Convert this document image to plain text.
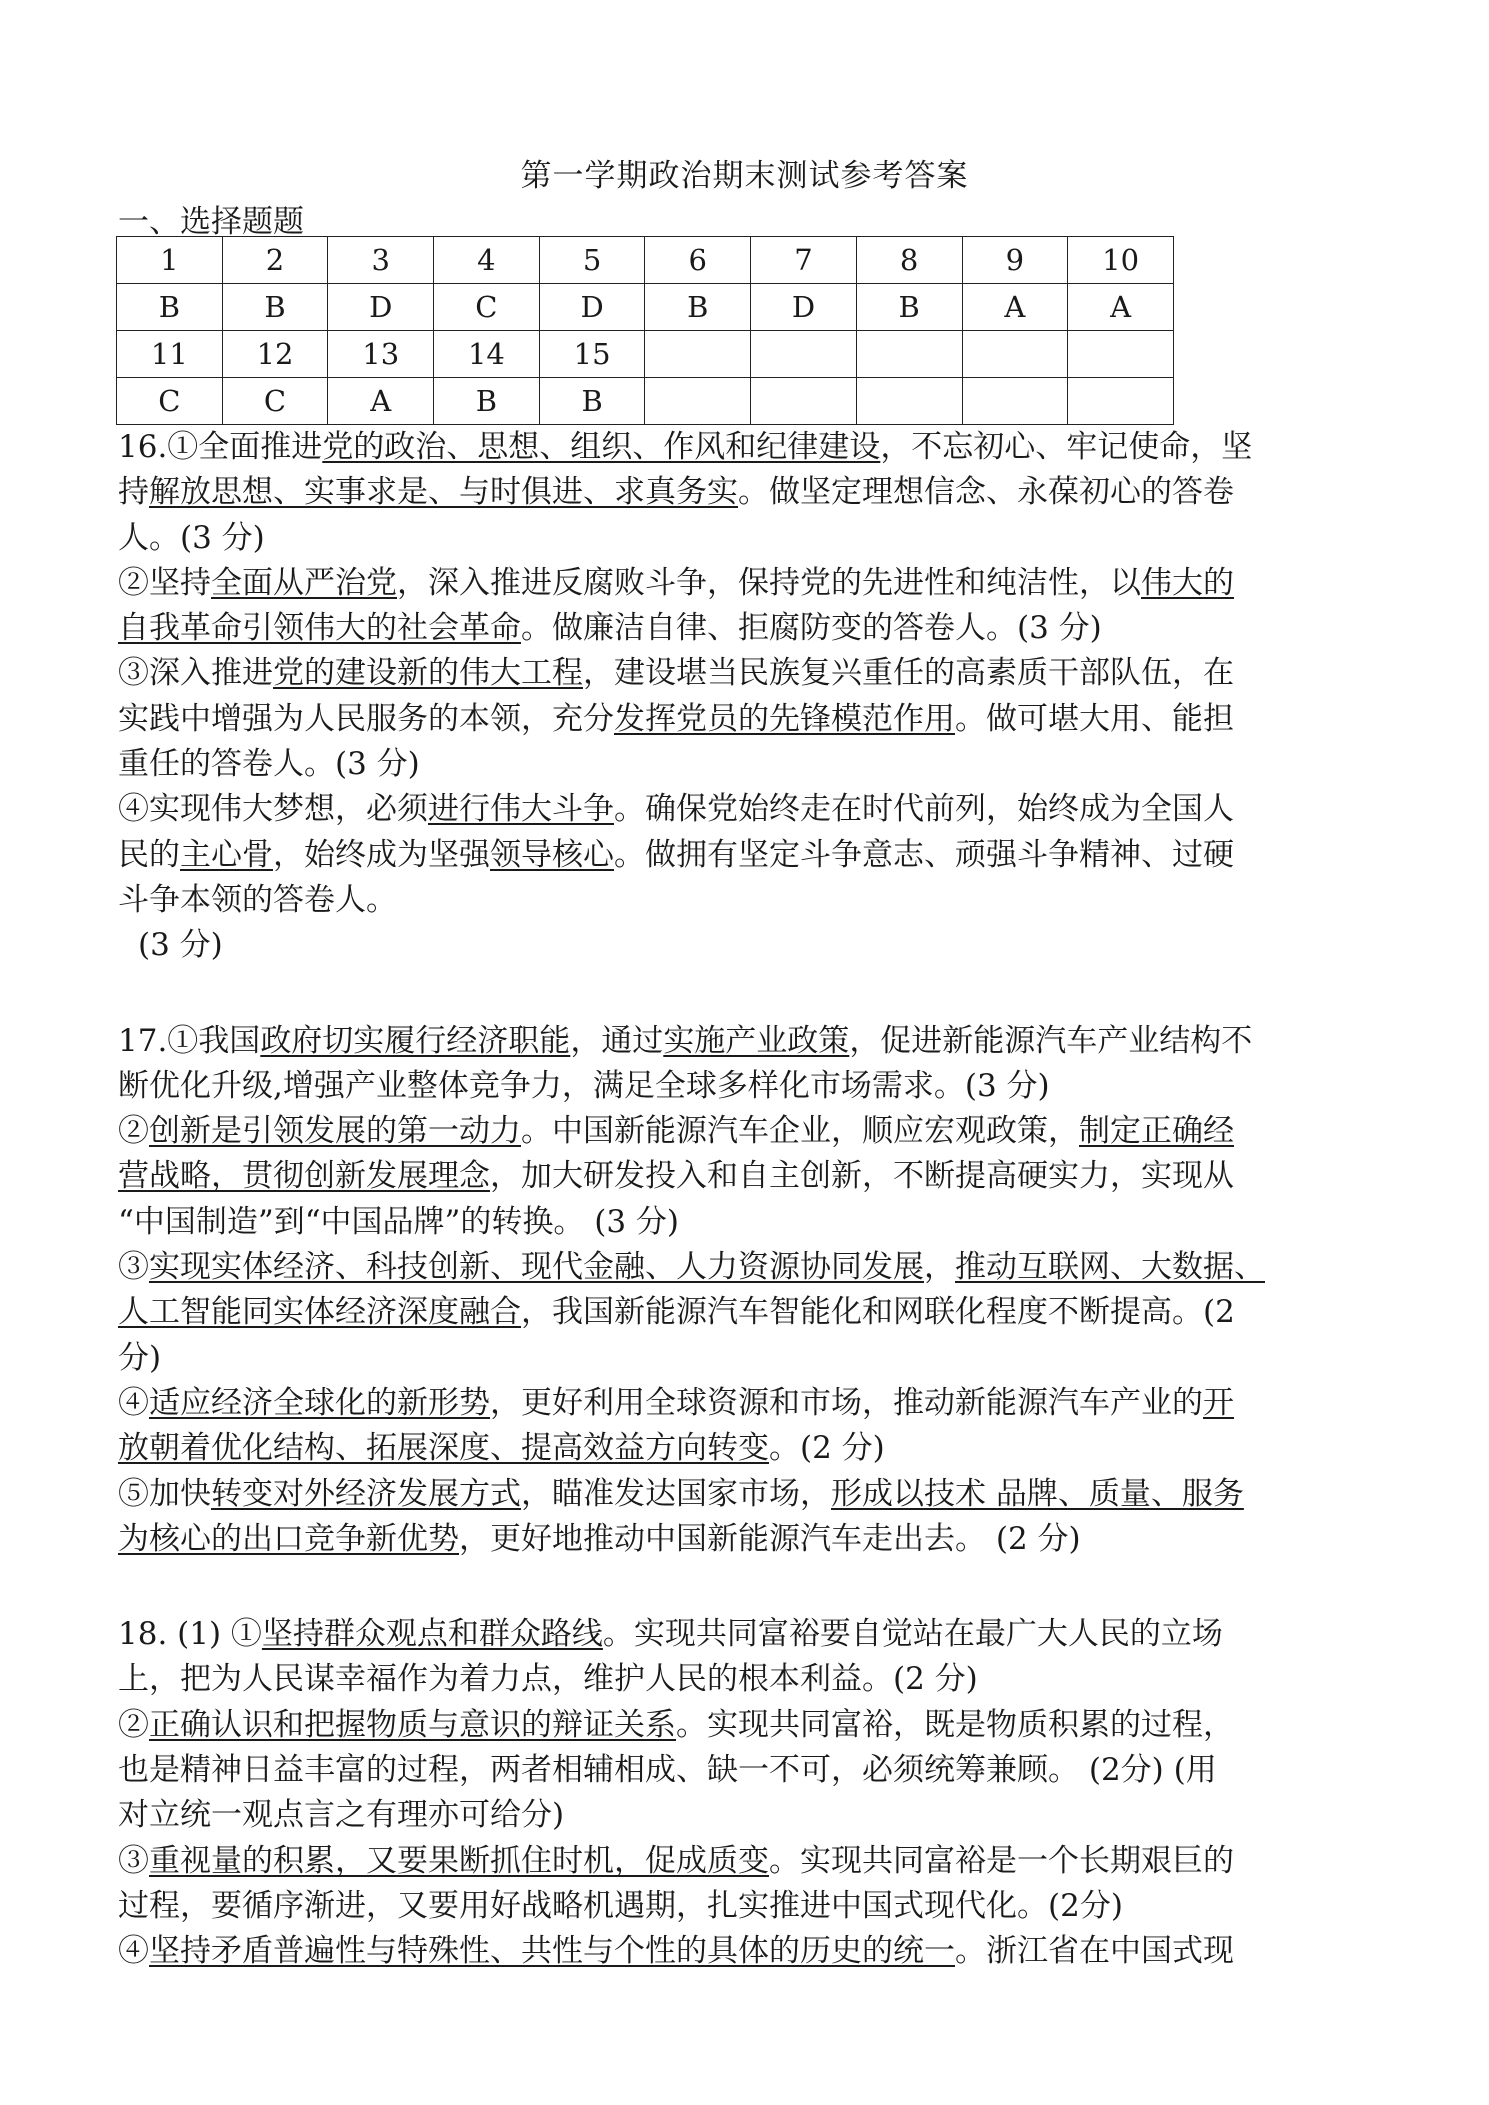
第一学期政治期末测试参考答案
一、选择题题
1	2	3	4	5	6	7	8	9	10
B	B	D	C	D	B	D	B	A	A
11	12	13	14	15					
C	C	A	B	B					
16.①全面推进党的政治、思想、组织、作风和纪律建设，不忘初心、牢记使命，坚
持解放思想、实事求是、与时俱进、求真务实。做坚定理想信念、永葆初心的答卷
人。(3 分)
②坚持全面从严治党，深入推进反腐败斗争，保持党的先进性和纯洁性，以伟大的
自我革命引领伟大的社会革命。做廉洁自律、拒腐防变的答卷人。(3 分)
③深入推进党的建设新的伟大工程，建设堪当民族复兴重任的高素质干部队伍，在
实践中增强为人民服务的本领，充分发挥党员的先锋模范作用。做可堪大用、能担
重任的答卷人。(3 分)
④实现伟大梦想，必须进行伟大斗争。确保党始终走在时代前列，始终成为全国人
民的主心骨，始终成为坚强领导核心。做拥有坚定斗争意志、顽强斗争精神、过硬
斗争本领的答卷人。
(3 分)
17.①我国政府切实履行经济职能，通过实施产业政策，促进新能源汽车产业结构不
断优化升级,增强产业整体竞争力，满足全球多样化市场需求。(3 分)
②创新是引领发展的第一动力。中国新能源汽车企业，顺应宏观政策，制定正确经
营战略，贯彻创新发展理念，加大研发投入和自主创新，不断提高硬实力，实现从
“中国制造”到“中国品牌”的转换。 (3 分)
③实现实体经济、科技创新、现代金融、人力资源协同发展，推动互联网、大数据、
人工智能同实体经济深度融合，我国新能源汽车智能化和网联化程度不断提高。(2
分)
④适应经济全球化的新形势，更好利用全球资源和市场，推动新能源汽车产业的开
放朝着优化结构、拓展深度、提高效益方向转变。(2 分)
⑤加快转变对外经济发展方式，瞄准发达国家市场，形成以技术 品牌、质量、服务
为核心的出口竞争新优势，更好地推动中国新能源汽车走出去。 (2 分)
18. (1) ①坚持群众观点和群众路线。实现共同富裕要自觉站在最广大人民的立场
上，把为人民谋幸福作为着力点，维护人民的根本利益。(2 分)
②正确认识和把握物质与意识的辩证关系。实现共同富裕，既是物质积累的过程，
也是精神日益丰富的过程，两者相辅相成、缺一不可，必须统筹兼顾。 (2分) (用
对立统一观点言之有理亦可给分)
③重视量的积累，又要果断抓住时机，促成质变。实现共同富裕是一个长期艰巨的
过程，要循序渐进，又要用好战略机遇期，扎实推进中国式现代化。(2分)
④坚持矛盾普遍性与特殊性、共性与个性的具体的历史的统一。浙江省在中国式现
